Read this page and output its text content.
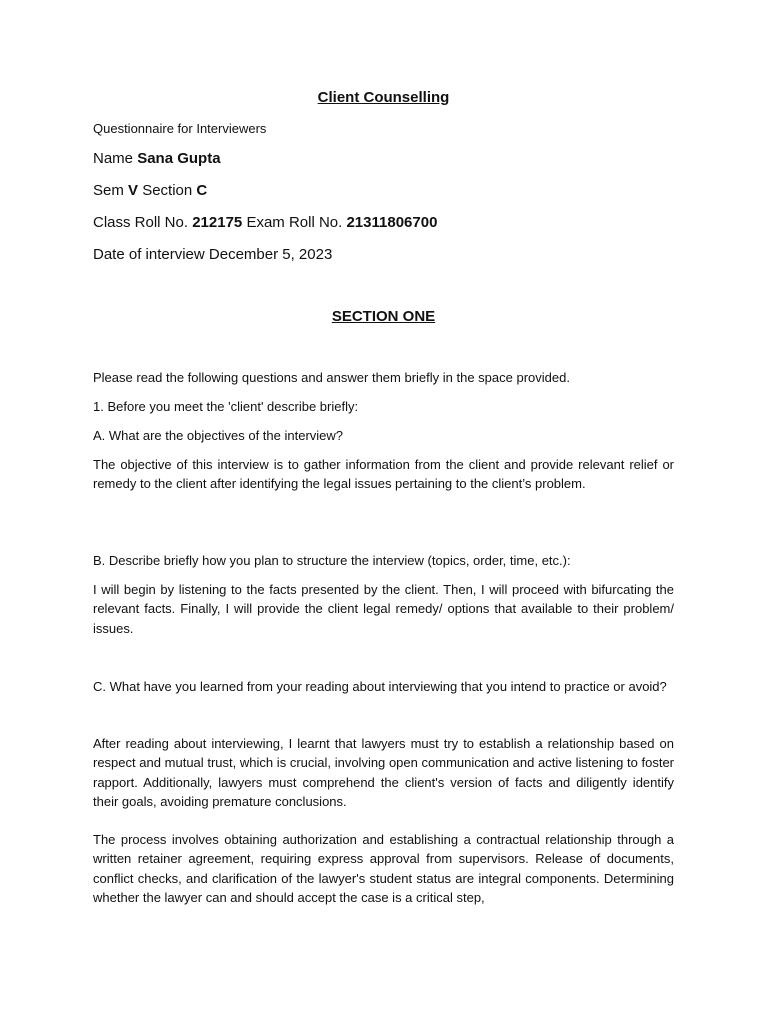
Client Counselling
Questionnaire for Interviewers
Name Sana Gupta
Sem V Section C
Class Roll No. 212175 Exam Roll No. 21311806700
Date of interview December 5, 2023
SECTION ONE

Please read the following questions and answer them briefly in the space provided.

1. Before you meet the 'client' describe briefly:

A. What are the objectives of the interview?

The objective of this interview is to gather information from the client and provide relevant relief or remedy to the client after identifying the legal issues pertaining to the client’s problem.

B. Describe briefly how you plan to structure the interview (topics, order, time, etc.):

I will begin by listening to the facts presented by the client. Then, I will proceed with bifurcating the relevant facts. Finally, I will provide the client legal remedy/ options that available to their problem/ issues.

C. What have you learned from your reading about interviewing that you intend to practice or avoid?

After reading about interviewing, I learnt that lawyers must try to establish a relationship based on respect and mutual trust, which is crucial, involving open communication and active listening to foster rapport. Additionally, lawyers must comprehend the client's version of facts and diligently identify their goals, avoiding premature conclusions.

The process involves obtaining authorization and establishing a contractual relationship through a written retainer agreement, requiring express approval from supervisors. Release of documents, conflict checks, and clarification of the lawyer's student status are integral components. Determining whether the lawyer can and should accept the case is a critical step,
